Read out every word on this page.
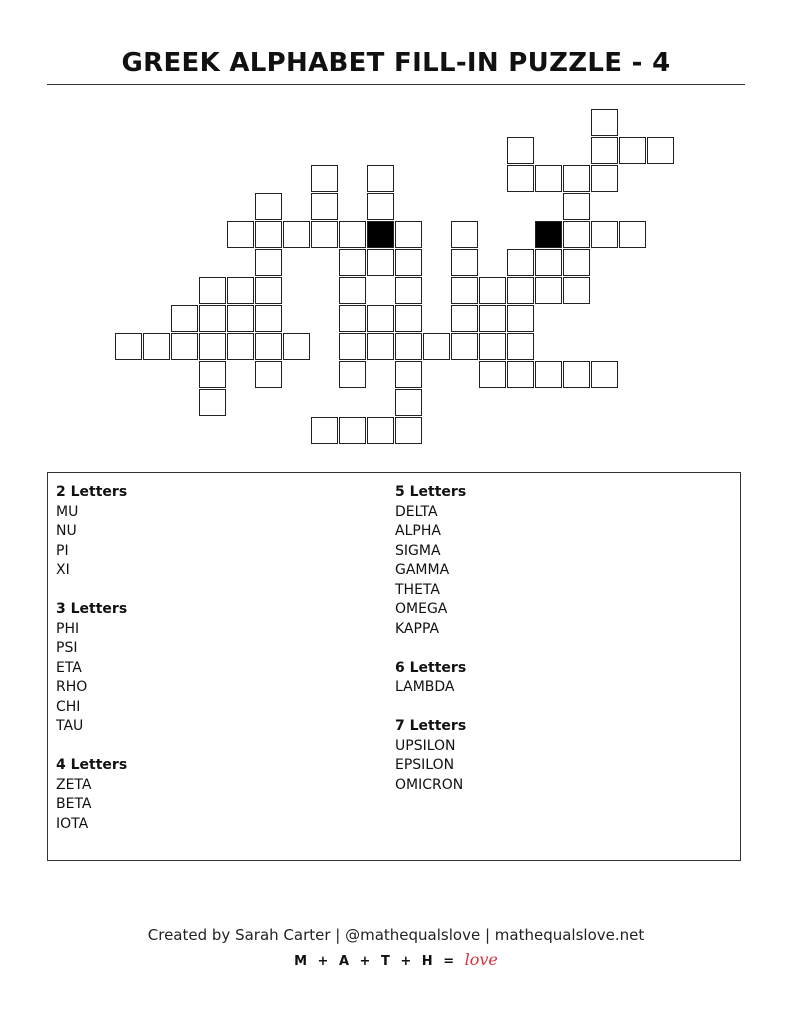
GREEK ALPHABET FILL-IN PUZZLE - 4
2 Letters
MU
NU
PI
XI
3 Letters
PHI
PSI
ETA
RHO
CHI
TAU
4 Letters
ZETA
BETA
IOTA
5 Letters
DELTA
ALPHA
SIGMA
GAMMA
THETA
OMEGA
KAPPA
6 Letters
LAMBDA
7 Letters
UPSILON
EPSILON
OMICRON
Created by Sarah Carter | @mathequalslove | mathequalslove.net
M + A + T + H = love
